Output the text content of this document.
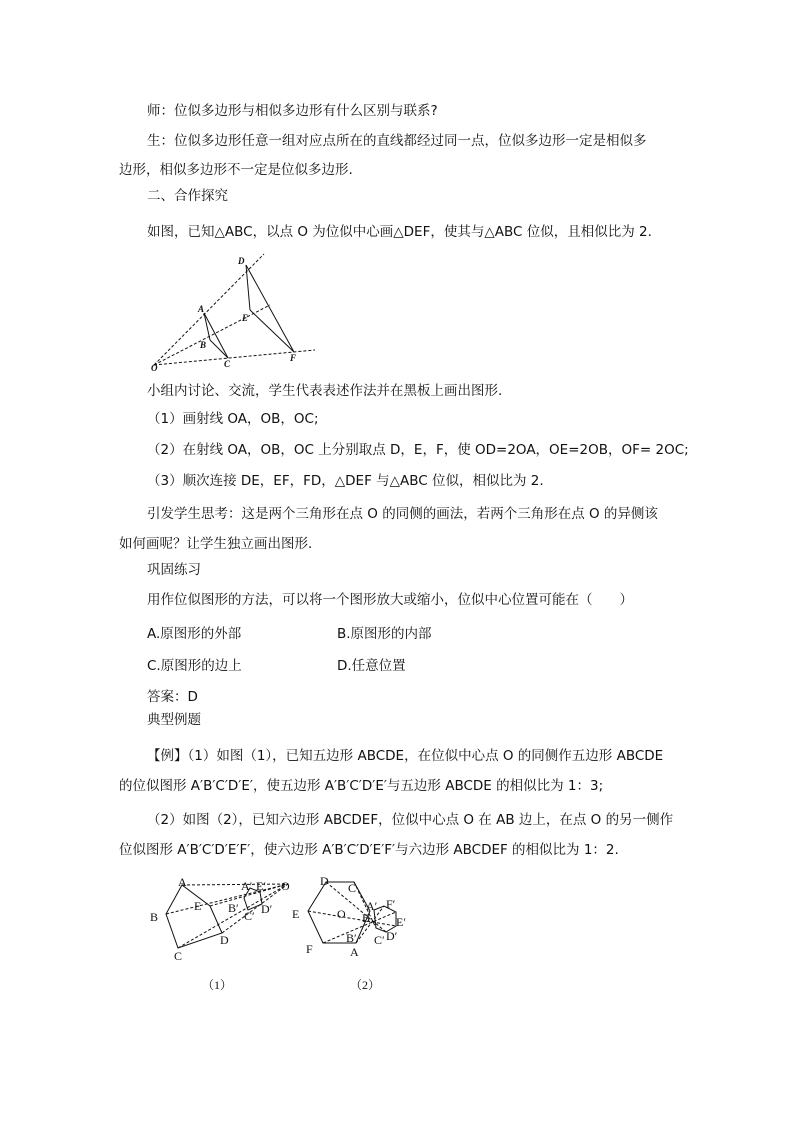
师：位似多边形与相似多边形有什么区别与联系?
生：位似多边形任意一组对应点所在的直线都经过同一点，位似多边形一定是相似多
边形，相似多边形不一定是位似多边形.
二、合作探究
如图，已知△ABC，以点 O 为位似中心画△DEF，使其与△ABC 位似，且相似比为 2.
D
A
E
B
O	C
F
小组内讨论、交流，学生代表表述作法并在黑板上画出图形.
（1）画射线 OA，OB，OC;
（2）在射线 OA，OB，OC 上分别取点 D，E，F，使 OD=2OA，OE=2OB，OF= 2OC;
（3）顺次连接 DE，EF，FD，△DEF 与△ABC 位似，相似比为 2.
引发学生思考：这是两个三角形在点 O 的同侧的画法，若两个三角形在点 O 的异侧该
如何画呢？让学生独立画出图形.
巩固练习
用作位似图形的方法，可以将一个图形放大或缩小，位似中心位置可能在（　　）
A.原图形的外部	B.原图形的内部
C.原图形的边上	D.任意位置
答案：D
典型例题
【例】（1）如图（1），已知五边形 ABCDE，在位似中心点 O 的同侧作五边形 ABCDE
的位似图形 A′B′C′D′E′，使五边形 A′B′C′D′E′与五边形 ABCDE 的相似比为 1：3;
（2）如图（2），已知六边形 ABCDEF，位似中心点 O 在 AB 边上，在点 O 的另一侧作
位似图形 A′B′C′D′E′F′，使六边形 A′B′C′D′E′F′与六边形 ABCDEF 的相似比为 1：2.
A
B
C
D
E
O
A′ E′
B′
C′ D′
（1）
D C
E	O
F	A
B
A′ F′
B′
E′
C′ D′
（2）
